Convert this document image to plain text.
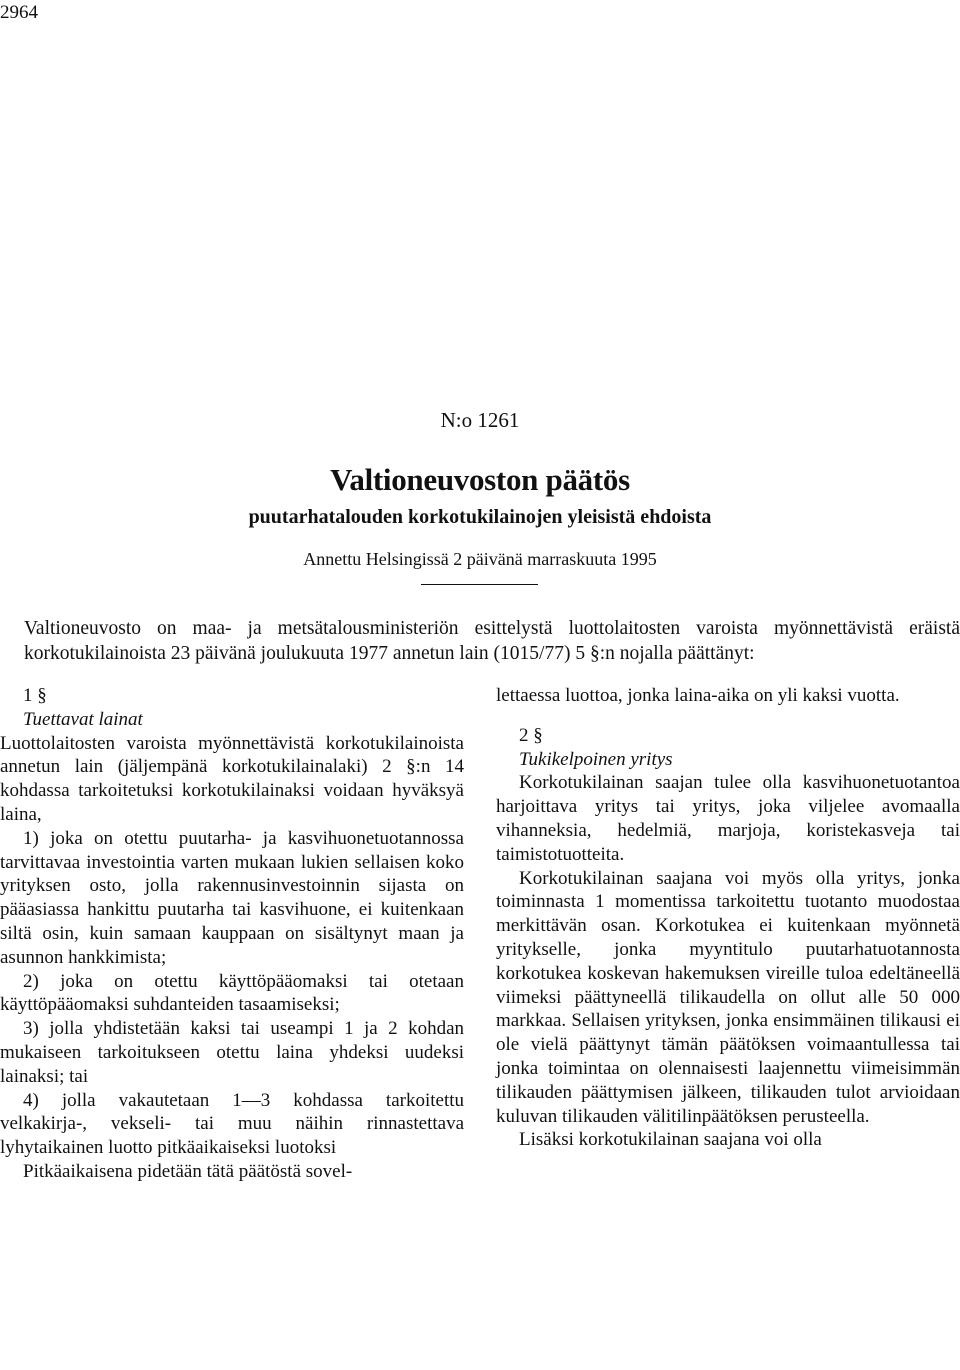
2964
N:o 1261
Valtioneuvoston päätös
puutarhatalouden korkotukilainojen yleisistä ehdoista
Annettu Helsingissä 2 päivänä marraskuuta 1995

Valtioneuvosto on maa- ja metsätalousministeriön esittelystä luottolaitosten varoista myönnettävistä eräistä korkotukilainoista 23 päivänä joulukuuta 1977 annetun lain (1015/77) 5 §:n nojalla päättänyt:

1 §

Tuettavat lainat

Luottolaitosten varoista myönnettävistä korkotukilainoista annetun lain (jäljempänä korkotukilainalaki) 2 §:n 14 kohdassa tarkoitetuksi korkotukilainaksi voidaan hyväksyä laina,

1) joka on otettu puutarha- ja kasvihuonetuotannossa tarvittavaa investointia varten mukaan lukien sellaisen koko yrityksen osto, jolla rakennusinvestoinnin sijasta on pääasiassa hankittu puutarha tai kasvihuone, ei kuitenkaan siltä osin, kuin samaan kauppaan on sisältynyt maan ja asunnon hankkimista;

2) joka on otettu käyttöpääomaksi tai otetaan käyttöpääomaksi suhdanteiden tasaamiseksi;

3) jolla yhdistetään kaksi tai useampi 1 ja 2 kohdan mukaiseen tarkoitukseen otettu laina yhdeksi uudeksi lainaksi; tai

4) jolla vakautetaan 1—3 kohdassa tarkoitettu velkakirja-, vekseli- tai muu näihin rinnastettava lyhytaikainen luotto pitkäaikaiseksi luotoksi

Pitkäaikaisena pidetään tätä päätöstä sovel-

lettaessa luottoa, jonka laina-aika on yli kaksi vuotta.

2 §

Tukikelpoinen yritys

Korkotukilainan saajan tulee olla kasvihuonetuotantoa harjoittava yritys tai yritys, joka viljelee avomaalla vihanneksia, hedelmiä, marjoja, koristekasveja tai taimistotuotteita.

Korkotukilainan saajana voi myös olla yritys, jonka toiminnasta 1 momentissa tarkoitettu tuotanto muodostaa merkittävän osan. Korkotukea ei kuitenkaan myönnetä yritykselle, jonka myyntitulo puutarhatuotannosta korkotukea koskevan hakemuksen vireille tuloa edeltäneellä viimeksi päättyneellä tilikaudella on ollut alle 50 000 markkaa. Sellaisen yrityksen, jonka ensimmäinen tilikausi ei ole vielä päättynyt tämän päätöksen voimaantullessa tai jonka toimintaa on olennaisesti laajennettu viimeisimmän tilikauden päättymisen jälkeen, tilikauden tulot arvioidaan kuluvan tilikauden välitilinpäätöksen perusteella.

Lisäksi korkotukilainan saajana voi olla
